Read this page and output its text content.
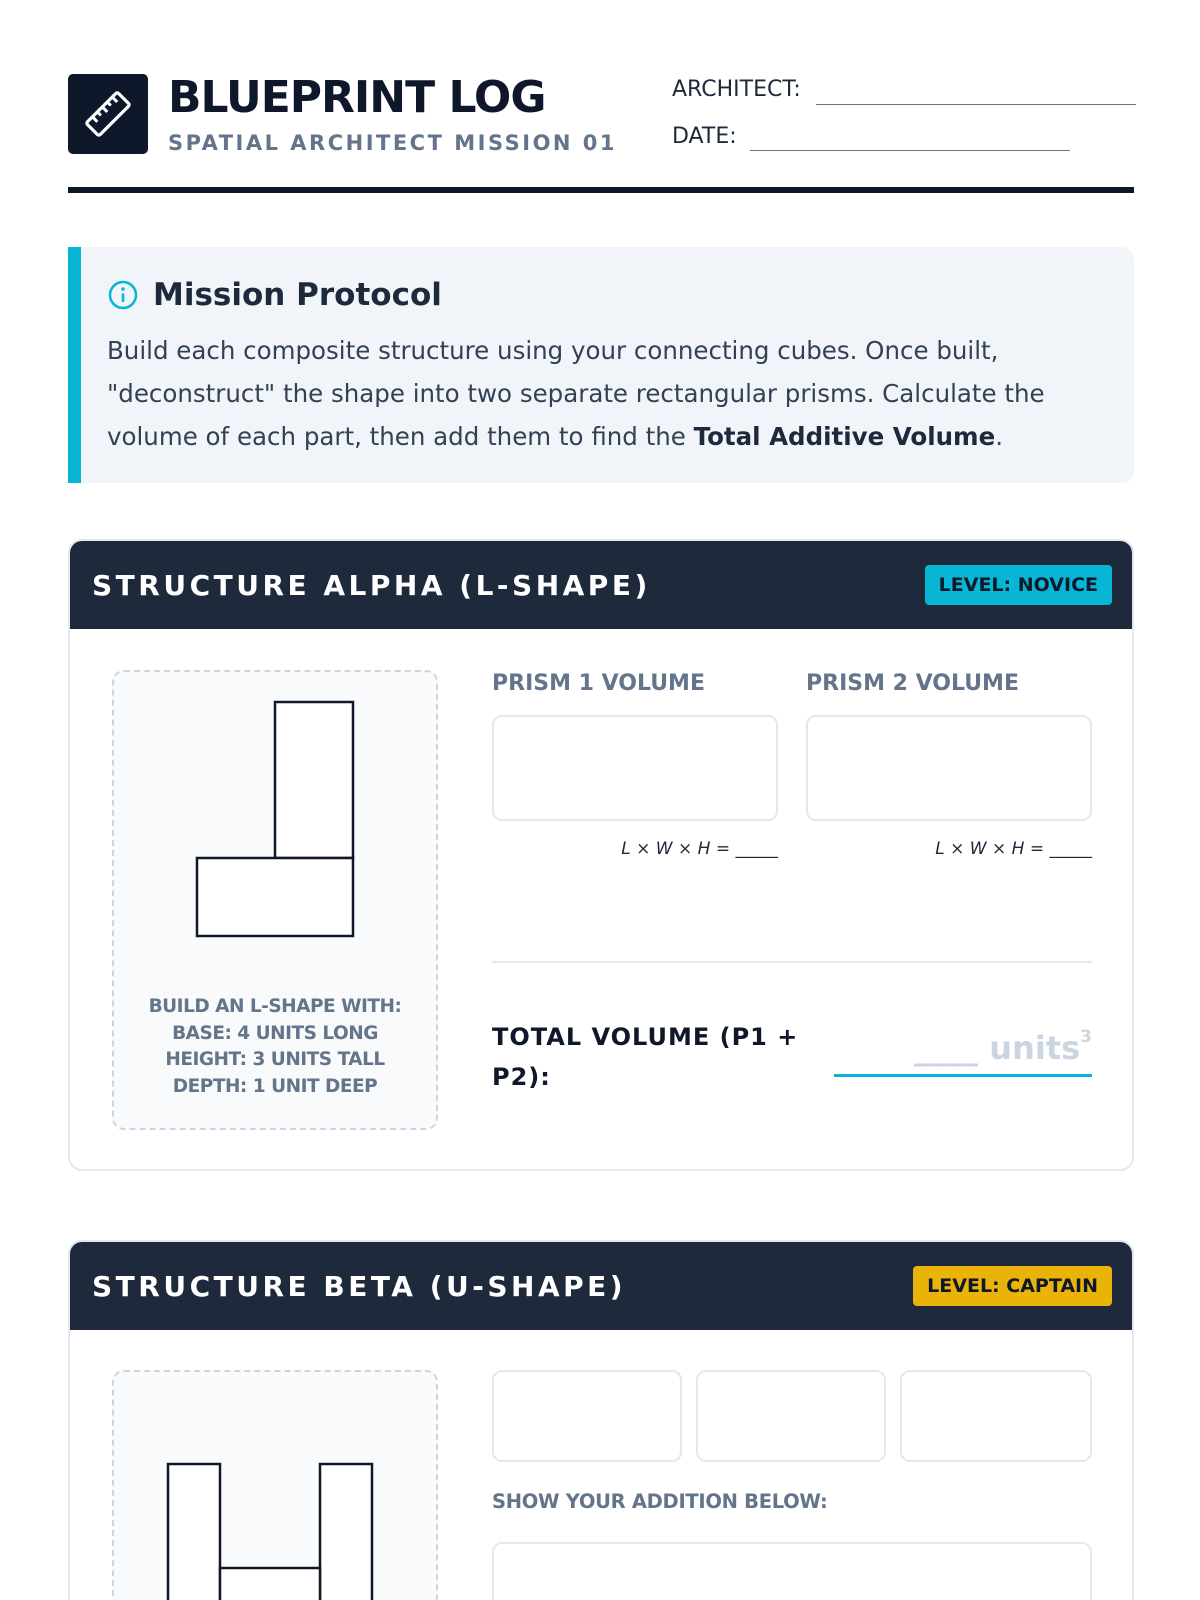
BLUEPRINT LOG
SPATIAL ARCHITECT MISSION 01
ARCHITECT:
DATE:
Mission Protocol
Build each composite structure using your connecting cubes. Once built, "deconstruct" the shape into two separate rectangular prisms. Calculate the volume of each part, then add them to find the Total Additive Volume.
STRUCTURE ALPHA (L-SHAPE)	LEVEL: NOVICE
BUILD AN L-SHAPE WITH:
BASE: 4 UNITS LONG
HEIGHT: 3 UNITS TALL
DEPTH: 1 UNIT DEEP
PRISM 1 VOLUME
L × W × H = _____
PRISM 2 VOLUME
L × W × H = _____
TOTAL VOLUME (P1 + P2):
____ units$^3$
STRUCTURE BETA (U-SHAPE)	LEVEL: CAPTAIN
SHOW YOUR ADDITION BELOW:
